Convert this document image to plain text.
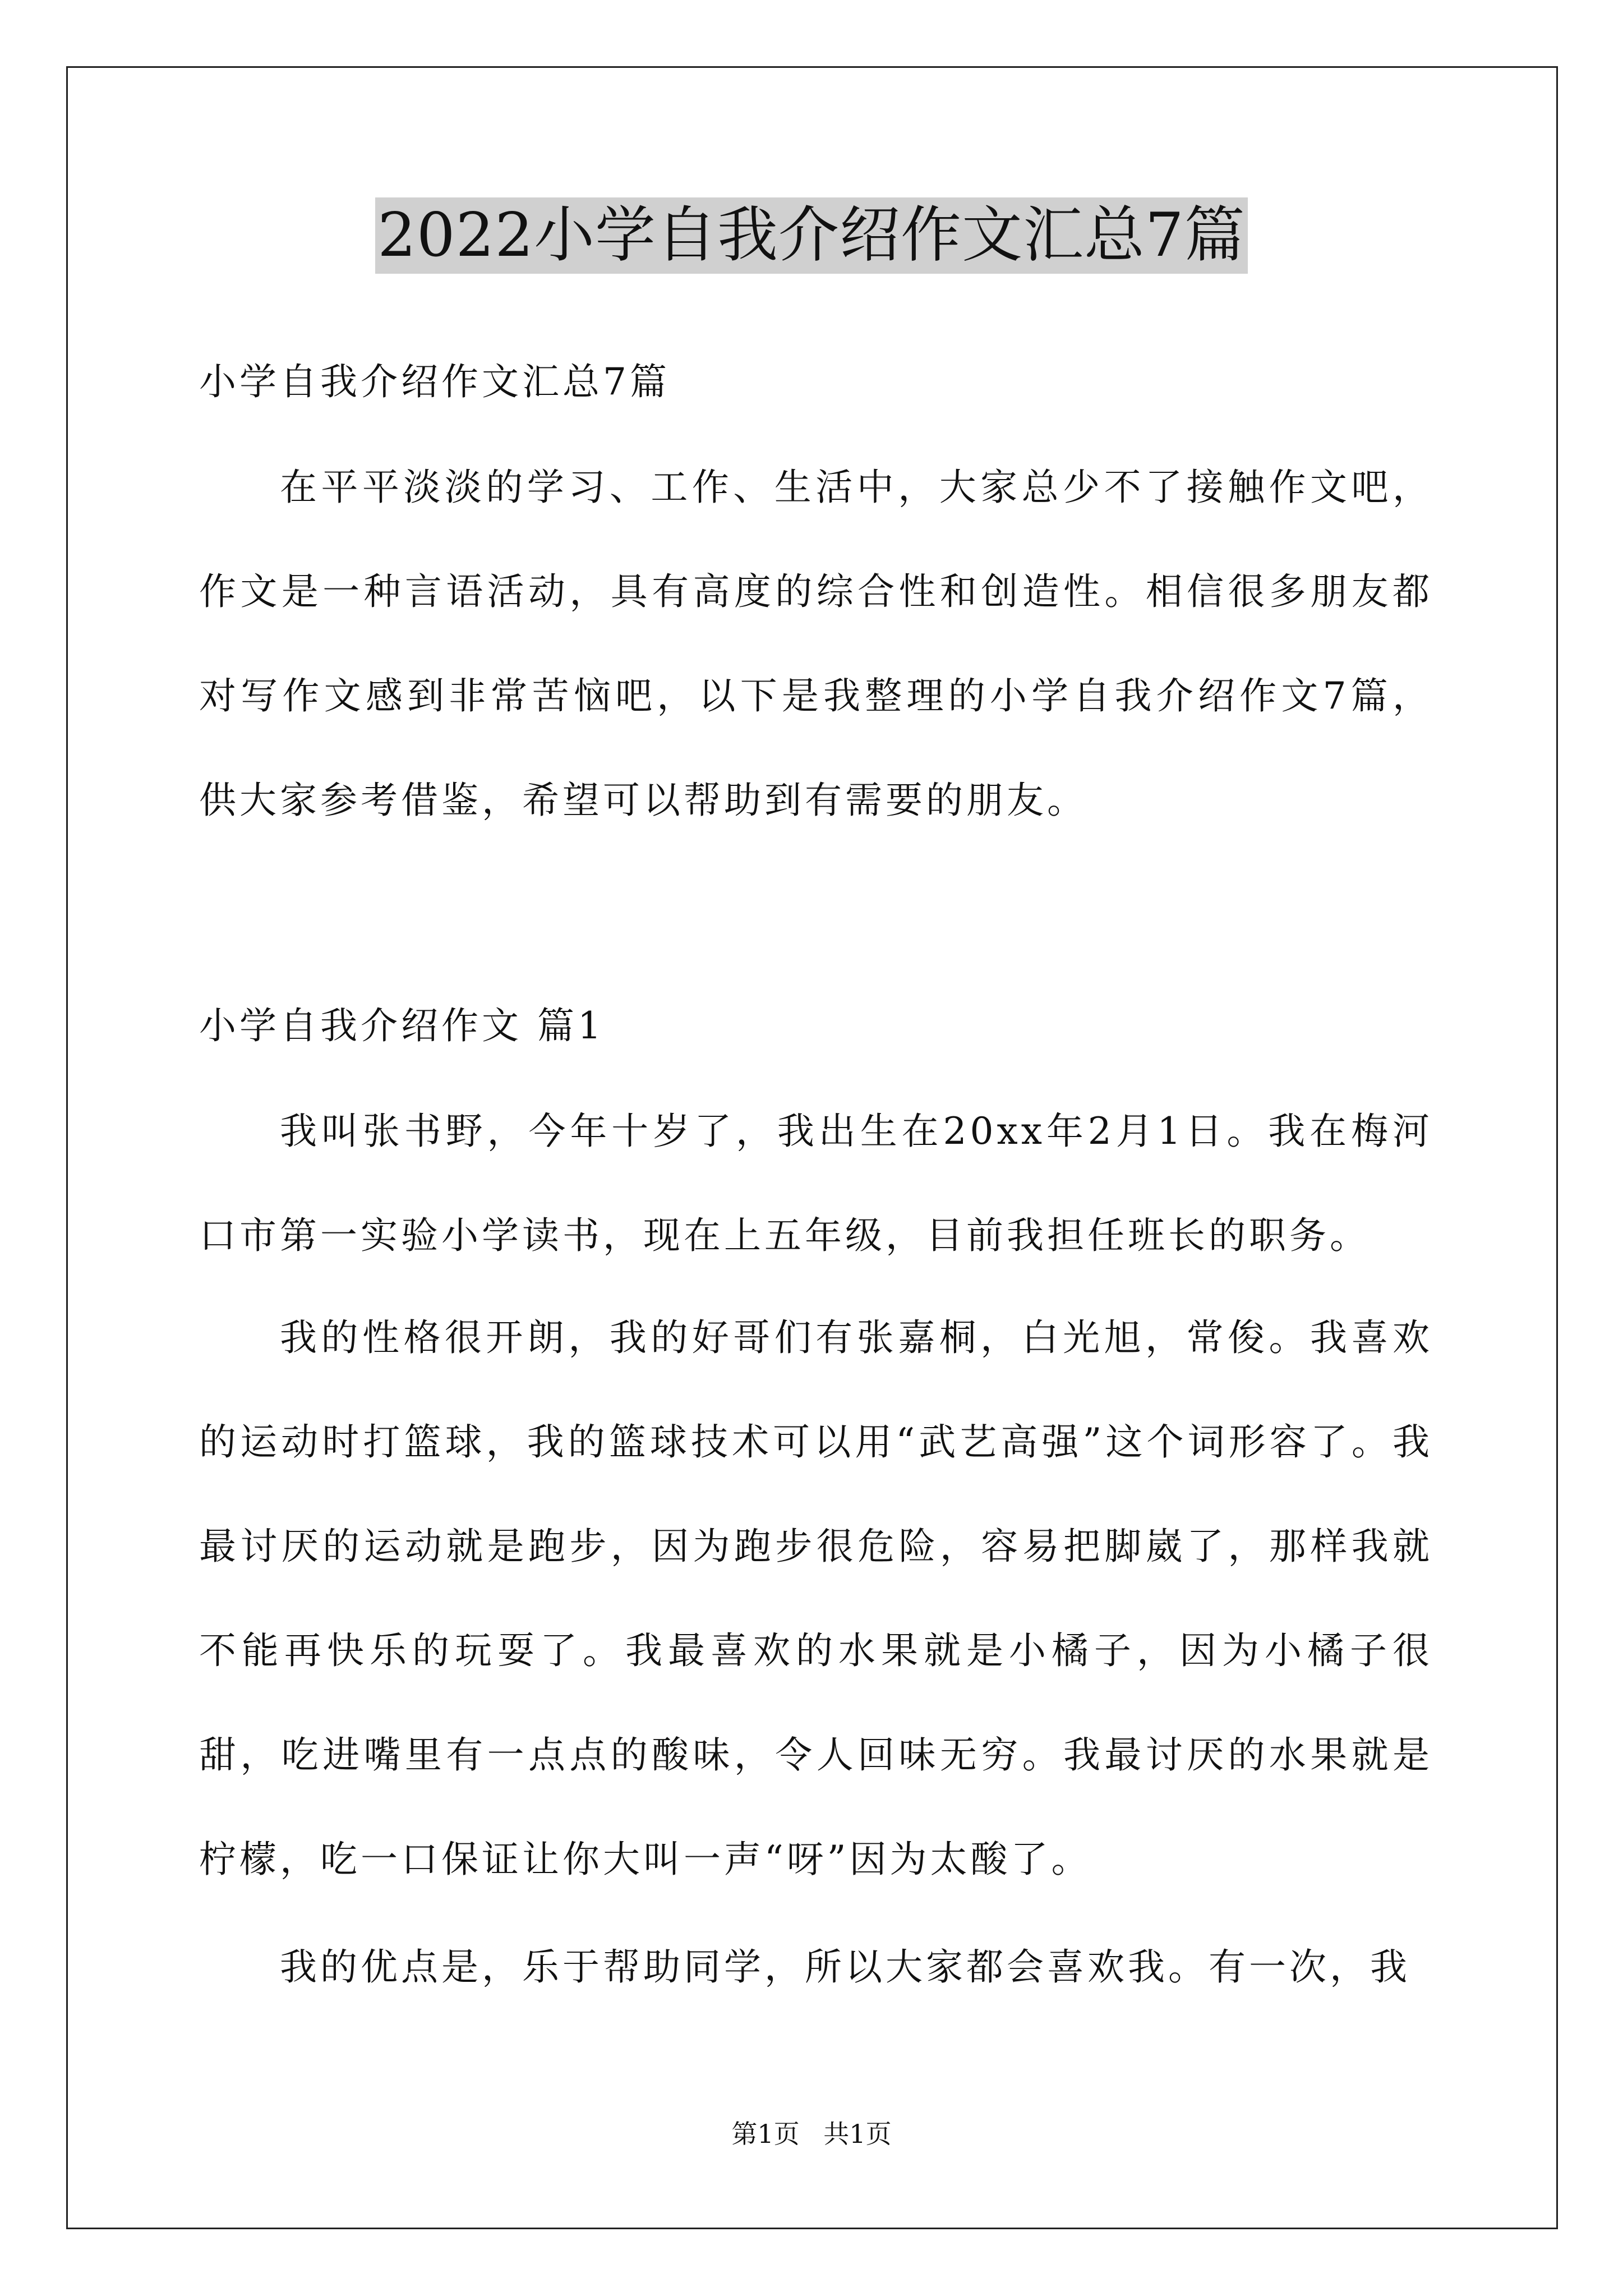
2022小学自我介绍作文汇总7篇
小学自我介绍作文汇总7篇

在平平淡淡的学习、工作、生活中，大家总少不了接触作文吧，作文是一种言语活动，具有高度的综合性和创造性。相信很多朋友都对写作文感到非常苦恼吧，以下是我整理的小学自我介绍作文7篇，供大家参考借鉴，希望可以帮助到有需要的朋友。

小学自我介绍作文 篇1

我叫张书野，今年十岁了，我出生在20xx年2月1日。我在梅河口市第一实验小学读书，现在上五年级，目前我担任班长的职务。

我的性格很开朗，我的好哥们有张嘉桐，白光旭，常俊。我喜欢的运动时打篮球，我的篮球技术可以用“武艺高强”这个词形容了。我最讨厌的运动就是跑步，因为跑步很危险，容易把脚崴了，那样我就不能再快乐的玩耍了。我最喜欢的水果就是小橘子，因为小橘子很甜，吃进嘴里有一点点的酸味，令人回味无穷。我最讨厌的水果就是柠檬，吃一口保证让你大叫一声“呀”因为太酸了。

我的优点是，乐于帮助同学，所以大家都会喜欢我。有一次，我

第1页 共1页
